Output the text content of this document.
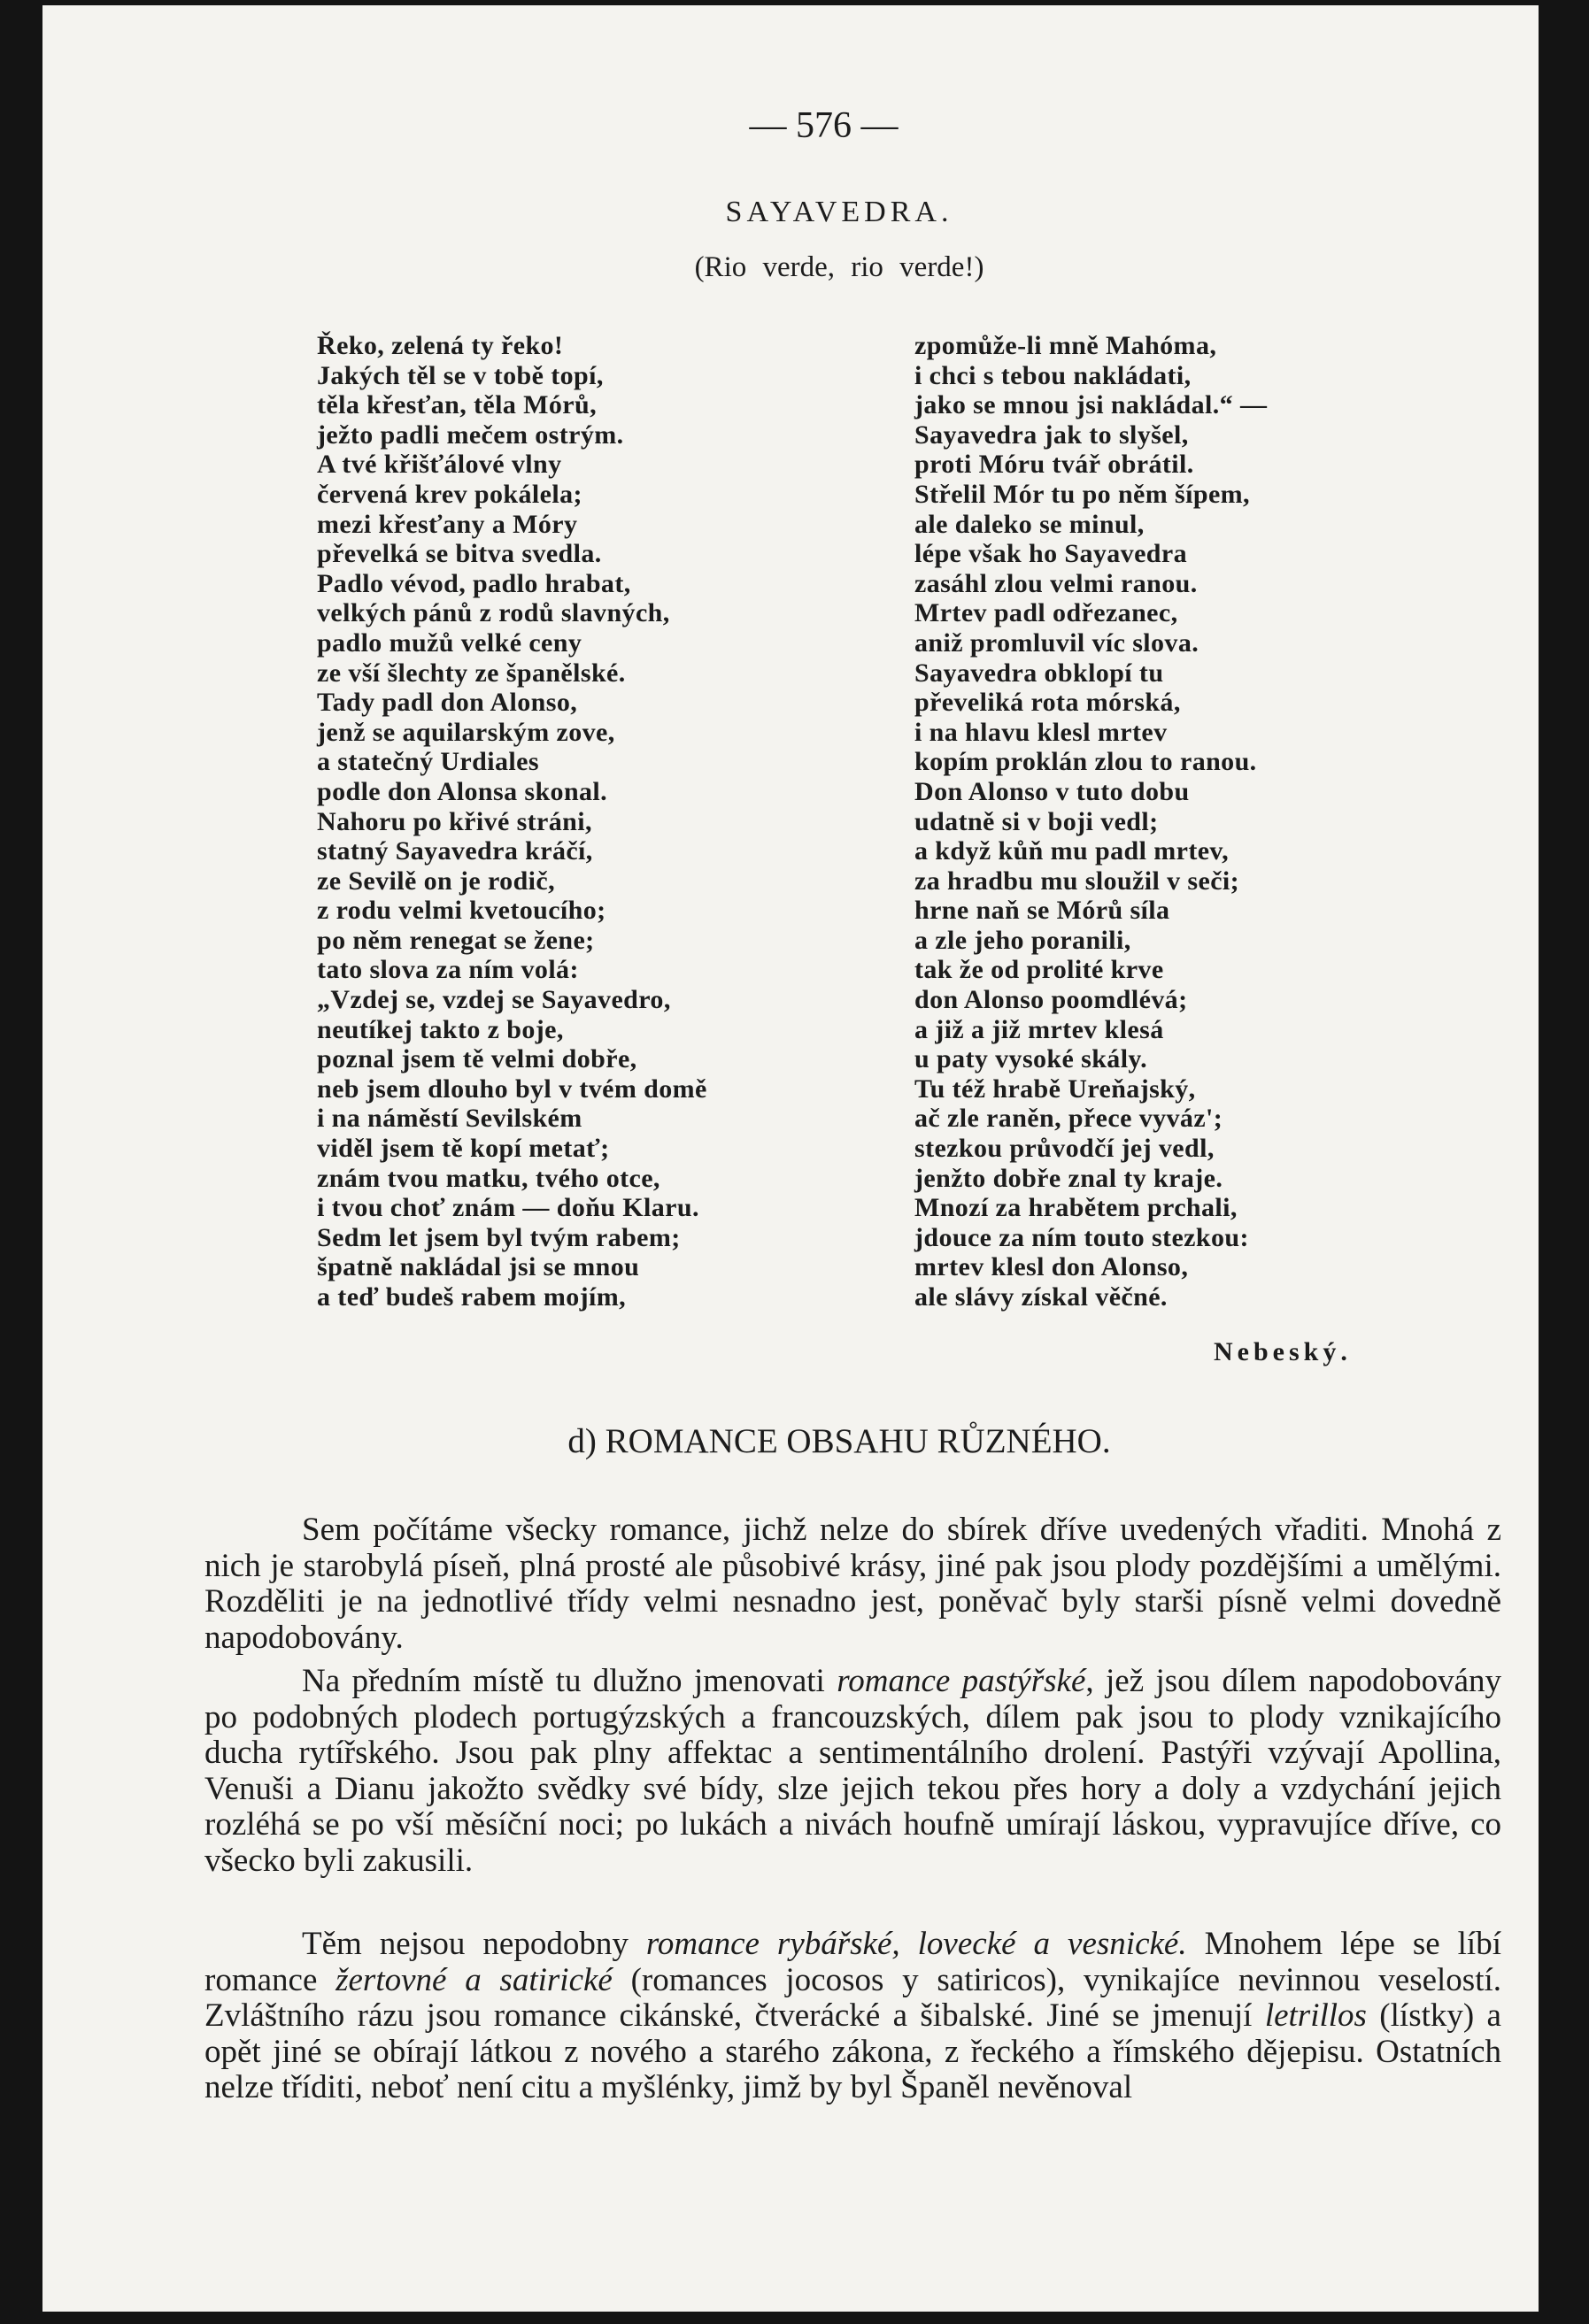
— 576 —
SAYAVEDRA.
(Rio verde, rio verde!)
Řeko, zelená ty řeko!
Jakých těl se v tobě topí,
těla křesťan, těla Mórů,
ježto padli mečem ostrým.
A tvé křišťálové vlny
červená krev pokálela;
mezi křesťany a Móry
převelká se bitva svedla.
Padlo vévod, padlo hrabat,
velkých pánů z rodů slavných,
padlo mužů velké ceny
ze vší šlechty ze španělské.
Tady padl don Alonso,
jenž se aquilarským zove,
a statečný Urdiales
podle don Alonsa skonal.
Nahoru po křivé stráni,
statný Sayavedra kráčí,
ze Sevilě on je rodič,
z rodu velmi kvetoucího;
po něm renegat se žene;
tato slova za ním volá:
„Vzdej se, vzdej se Sayavedro,
neutíkej takto z boje,
poznal jsem tě velmi dobře,
neb jsem dlouho byl v tvém domě
i na náměstí Sevilském
viděl jsem tě kopí metať;
znám tvou matku, tvého otce,
i tvou choť znám — doňu Klaru.
Sedm let jsem byl tvým rabem;
špatně nakládal jsi se mnou
a teď budeš rabem mojím,
zpomůže-li mně Mahóma,
i chci s tebou nakládati,
jako se mnou jsi nakládal.“ —
Sayavedra jak to slyšel,
proti Móru tvář obrátil.
Střelil Mór tu po něm šípem,
ale daleko se minul,
lépe však ho Sayavedra
zasáhl zlou velmi ranou.
Mrtev padl odřezanec,
aniž promluvil víc slova.
Sayavedra obklopí tu
převeliká rota mórská,
i na hlavu klesl mrtev
kopím proklán zlou to ranou.
Don Alonso v tuto dobu
udatně si v boji vedl;
a když kůň mu padl mrtev,
za hradbu mu sloužil v seči;
hrne naň se Mórů síla
a zle jeho poranili,
tak že od prolité krve
don Alonso poomdlévá;
a již a již mrtev klesá
u paty vysoké skály.
Tu též hrabě Ureňajský,
ač zle raněn, přece vyváz';
stezkou průvodčí jej vedl,
jenžto dobře znal ty kraje.
Mnozí za hrabětem prchali,
jdouce za ním touto stezkou:
mrtev klesl don Alonso,
ale slávy získal věčné.
Nebeský.
d) ROMANCE OBSAHU RŮZNÉHO.

Sem počítáme všecky romance, jichž nelze do sbírek dříve uvedených vřaditi. Mnohá z nich je starobylá píseň, plná prosté ale působivé krásy, jiné pak jsou plody pozdějšími a umělými. Rozděliti je na jednotlivé třídy velmi nesnadno jest, poněvač byly starši písně velmi dovedně napodobovány.

Na předním místě tu dlužno jmenovati romance pastýřské, jež jsou dílem napodobovány po podobných plodech portugýzských a francouzských, dílem pak jsou to plody vznikajícího ducha rytířského. Jsou pak plny affektac a sentimentálního drolení. Pastýři vzývají Apollina, Venuši a Dianu jakožto svědky své bídy, slze jejich tekou přes hory a doly a vzdychání jejich rozléhá se po vší měsíční noci; po lukách a nivách houfně umírají láskou, vypravujíce dříve, co všecko byli zakusili.

Těm nejsou nepodobny romance rybářské, lovecké a vesnické. Mnohem lépe se líbí romance žertovné a satirické (romances jocosos y satiricos), vynikajíce nevinnou veselostí. Zvláštního rázu jsou romance cikánské, čtverácké a šibalské. Jiné se jmenují letrillos (lístky) a opět jiné se obírají látkou z nového a starého zákona, z řeckého a římského dějepisu. Ostatních nelze tříditi, neboť není citu a myšlénky, jimž by byl Španěl nevěnoval
